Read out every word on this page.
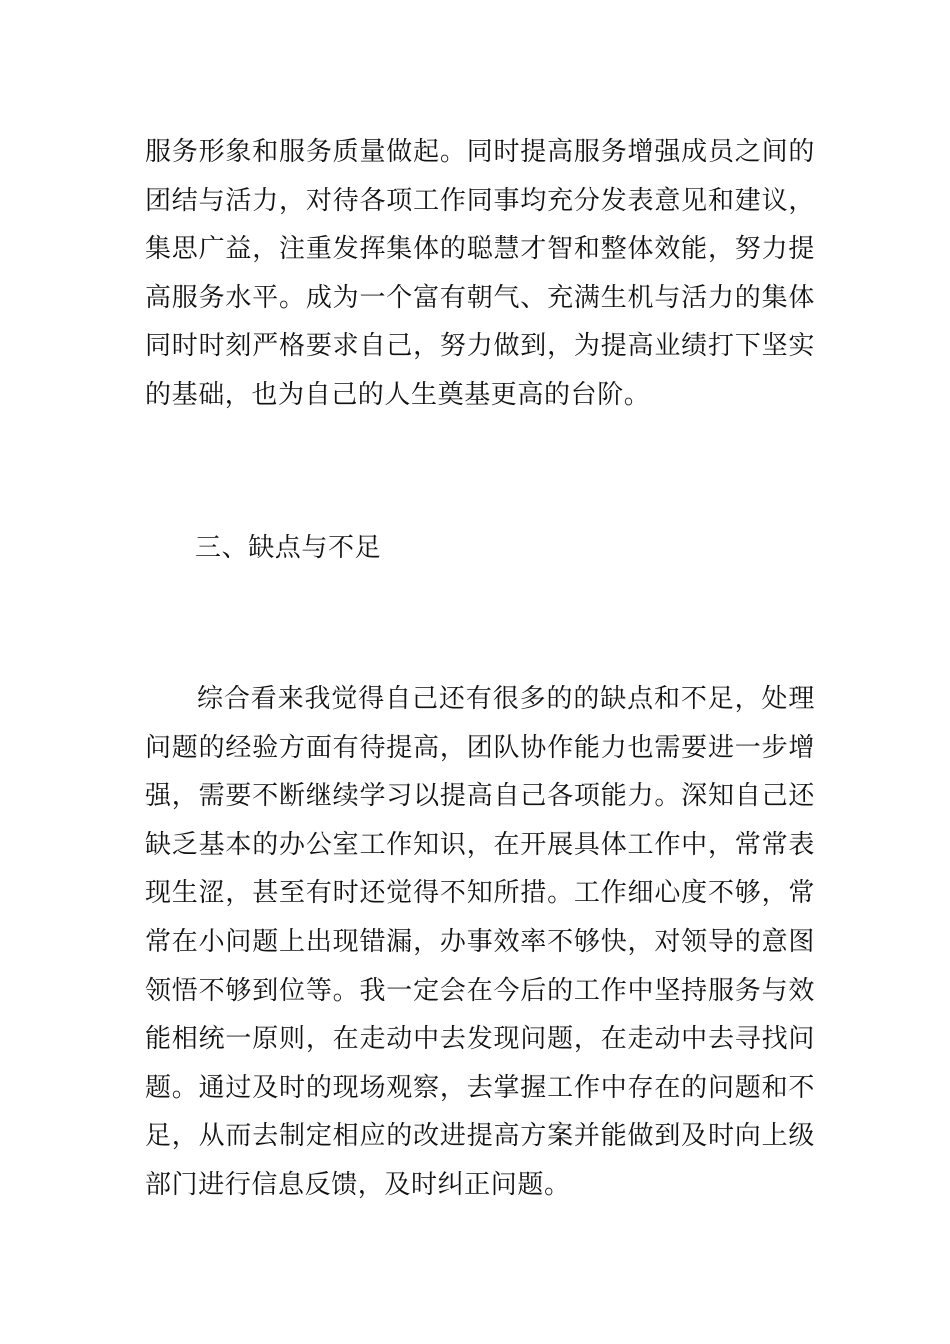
服务形象和服务质量做起。同时提高服务增强成员之间的团结与活力，对待各项工作同事均充分发表意见和建议，集思广益，注重发挥集体的聪慧才智和整体效能，努力提高服务水平。成为一个富有朝气、充满生机与活力的集体同时时刻严格要求自己，努力做到，为提高业绩打下坚实的基础，也为自己的人生奠基更高的台阶。

三、缺点与不足

综合看来我觉得自己还有很多的的缺点和不足，处理问题的经验方面有待提高，团队协作能力也需要进一步增强，需要不断继续学习以提高自己各项能力。深知自己还缺乏基本的办公室工作知识，在开展具体工作中，常常表现生涩，甚至有时还觉得不知所措。工作细心度不够，常常在小问题上出现错漏，办事效率不够快，对领导的意图领悟不够到位等。我一定会在今后的工作中坚持服务与效能相统一原则，在走动中去发现问题，在走动中去寻找问题。通过及时的现场观察，去掌握工作中存在的问题和不足，从而去制定相应的改进提高方案并能做到及时向上级部门进行信息反馈，及时纠正问题。
